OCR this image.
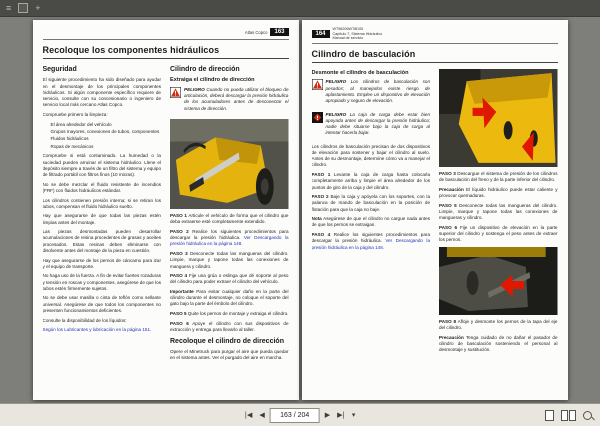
≡	+
Atlas Copco	163
Recoloque los componentes hidráulicos
Seguridad

El siguiente procedimiento ha sido diseñado para ayudar en el desmontaje de los principales componentes hidráulicos. Si algún componente específico requiere de servicio, consulte con su concesionario o ingeniero de servicio local más cercano Atlas Copco.

Compruebe primero la limpieza:

• El área alrededor del vehículo
• Grupos mayores, conexiones de tubos, componentes
• Fluidos hidráulicos
• Ropas de mecánicos

Compruebe si está contaminado. La humedad o la suciedad pueden arruinar el sistema hidráulico. Llene el depósito siempre a través de un filtro del sistema y equipo de filtrado portátil con filtros finos (10 micras).

No se debe mezclar el fluido resistente de incendios (FRF) con fluidos hidráulicos estándar.

Los cilindros contienen presión interna; si se retiran los tubos, compensan el fluido hidráulico suelto.

Hay que asegurarse de que todas las piezas estén limpias antes del montaje.

Las piezas desmontadas pueden desarrollar acumulaciones de resina procedentes de grasas y aceites procesados. Estas resinas deben eliminarse con disolvente antes del montaje de la pieza en cuestión.

Hay que asegurarse de los pernos de cáncamo para izar y el equipo de transporte.

No haga uso de la fuerza. A fin de evitar fuertes rozaduras y tensión en roscas y componentes, asegúrese de que los tubos estén firmemente sujetos.

No se debe usar masilla o cinta de teflón como sellante universal. Asegúrese de que todos los componentes no presenten funcionamientos deficientes.

Consulte la disponibilidad de los líquidos:

Según los Lubricantes y lubricación en la página 151.

Cilindro de dirección
Extraiga el cilindro de dirección

PELIGRO Cuando no pueda utilizar el bloqueo de articulación, deberá descargar la presión hidráulica de los acumuladores antes de desconectar el sistema de dirección.

PASO 1 Articule el vehículo de forma que el cilindro que deba extraerse esté completamente extendido.

PASO 2 Realice los siguientes procedimientos para descargar la presión hidráulica. Ver Descargando la presión hidráulica en la página 148.

PASO 3 Desconecte todas las mangueras del cilindro. Limpie, marque y tapone todas las conexiones de manguera y cilindro.

PASO 4 Fije una grúa o eslinga que dé soporte al peso del cilindro para poder extraer el cilindro del vehículo.

Importante Para evitar cualquier daño en la parte del cilindro durante el desmontaje, no coloque el soporte del gato bajo la parte del émbolo del cilindro.

PASO 5 Quite los pernos de montaje y extraiga el cilindro.

PASO 6 Apoye el cilindro con sus dispositivos de extracción y entrega para llevarlo al taller.

Recoloque el cilindro de dirección

Opere el Minetruck para purgar el aire que pueda quedar en el sistema antes. Ver el purgado del aire en marcha.

164
WT98206WT8D05
Capítulo 7, Sistema Hidráulico
Manual de servicio
Cilindro de basculación
Desmonte el cilindro de basculación

PELIGRO Los cilindros de basculación son pesados; al manejarlos existe riesgo de aplastamiento. Emplee un dispositivo de elevación apropiado y seguro de elevación.

PELIGRO La caja de carga debe estar bien apoyada antes de descargar la presión hidráulica; nadie debe situarse bajo la caja de carga al intentar hacerla bajar.

Los cilindros de basculación precisan de dos dispositivos de elevación para sostener y bajar el cilindro al suelo. Antes de su desmontaje, determine cómo va a manejar el cilindro.

PASO 1 Levante la caja de carga hasta colocarla completamente arriba y limpie el área alrededor de los puntos de giro de la caja y del cilindro.

PASO 2 Baje la caja y apóyela con los soportes, con la palanca de mando de basculación en la posición de flotación para que la caja no baje.

Nota Asegúrese de que el cilindro no cargue nada antes de que los pernos se extraigan.

PASO 4 Realice los siguientes procedimientos para descargar la presión hidráulica. Ver Descargando la presión hidráulica en la página 148.

PASO 3 Descargue el sistema de presión de los cilindros de basculación del freno y de la parte inferior del cilindro.

Precaución El líquido hidráulico puede estar caliente y provocar quemaduras.

PASO 5 Desconecte todas las mangueras del cilindro. Limpie, marque y tapone todas las conexiones de mangueras y cilindro.

PASO 6 Fije un dispositivo de elevación en la parte superior del cilindro y sostenga el peso antes de extraer los pernos.

PASO 8 Afloje y desmonte los pernos de la tapa del eje del cilindro.

Precaución Tenga cuidado de no dañar el pasador de cilindro de basculación sosteniendo el personal al desmontaje y sustitución.

|◀ ◀	163 / 204	▶ ▶| ▾
